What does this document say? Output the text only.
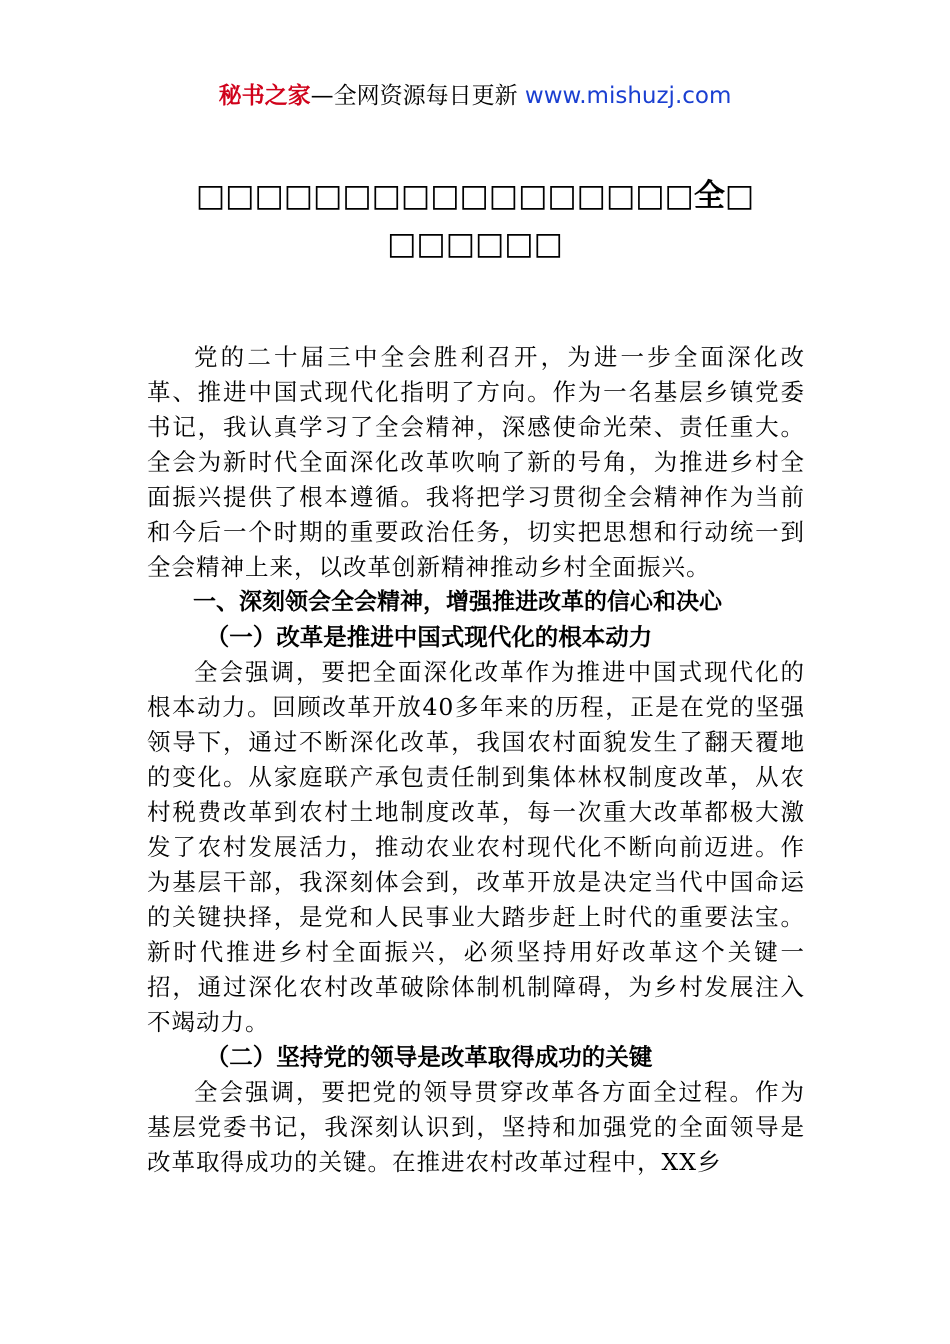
秘书之家—全网资源每日更新 www.mishuzj.com
□□□□□□□□□□□□□□□□□全□
□□□□□□

党的二十届三中全会胜利召开，为进一步全面深化改革、推进中国式现代化指明了方向。作为一名基层乡镇党委书记，我认真学习了全会精神，深感使命光荣、责任重大。全会为新时代全面深化改革吹响了新的号角，为推进乡村全面振兴提供了根本遵循。我将把学习贯彻全会精神作为当前和今后一个时期的重要政治任务，切实把思想和行动统一到全会精神上来，以改革创新精神推动乡村全面振兴。

一、深刻领会全会精神，增强推进改革的信心和决心

（一）改革是推进中国式现代化的根本动力

全会强调，要把全面深化改革作为推进中国式现代化的根本动力。回顾改革开放40多年来的历程，正是在党的坚强领导下，通过不断深化改革，我国农村面貌发生了翻天覆地的变化。从家庭联产承包责任制到集体林权制度改革，从农村税费改革到农村土地制度改革，每一次重大改革都极大激发了农村发展活力，推动农业农村现代化不断向前迈进。作为基层干部，我深刻体会到，改革开放是决定当代中国命运的关键抉择，是党和人民事业大踏步赶上时代的重要法宝。新时代推进乡村全面振兴，必须坚持用好改革这个关键一招，通过深化农村改革破除体制机制障碍，为乡村发展注入不竭动力。

（二）坚持党的领导是改革取得成功的关键

全会强调，要把党的领导贯穿改革各方面全过程。作为基层党委书记，我深刻认识到，坚持和加强党的全面领导是改革取得成功的关键。在推进农村改革过程中，XX乡
